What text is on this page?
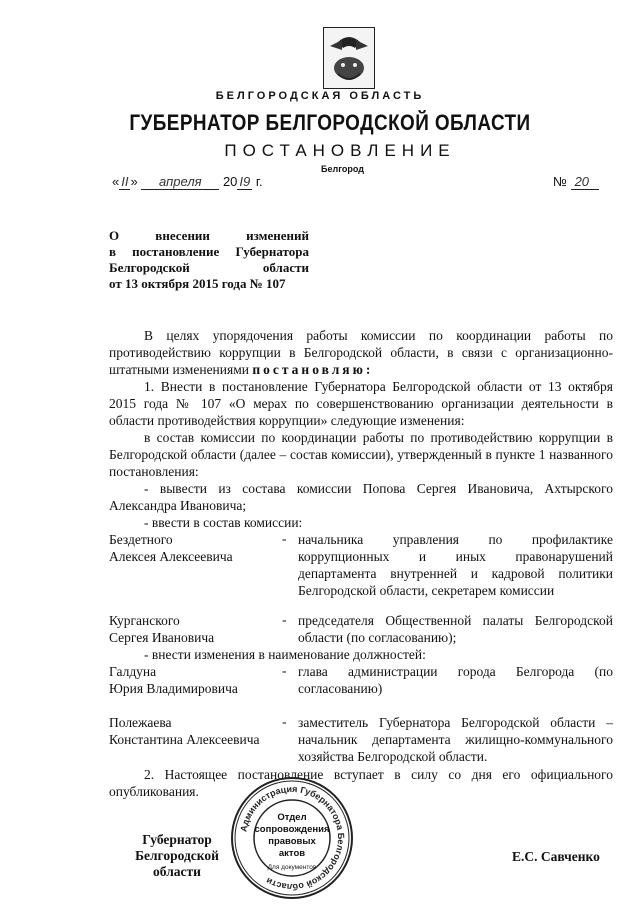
БЕЛГОРОДСКАЯ ОБЛАСТЬ
ГУБЕРНАТОР БЕЛГОРОДСКОЙ ОБЛАСТИ
ПОСТАНОВЛЕНИЕ
Белгород
« II » апреля 20 I9 г.	№ 20
О внесении изменений
в постановление Губернатора
Белгородской области
от 13 октября 2015 года № 107
В целях упорядочения работы комиссии по координации работы по противодействию коррупции в Белгородской области, в связи с организационно-штатными изменениями постановляю:
1. Внести в постановление Губернатора Белгородской области от 13 октября 2015 года № 107 «О мерах по совершенствованию организации деятельности в области противодействия коррупции» следующие изменения:
в состав комиссии по координации работы по противодействию коррупции в Белгородской области (далее – состав комиссии), утвержденный в пункте 1 названного постановления:
- вывести из состава комиссии Попова Сергея Ивановича, Ахтырского Александра Ивановича;
- ввести в состав комиссии:
Бездетного
Алексея Алексеевича
- начальника управления по профилактике коррупционных и иных правонарушений департамента внутренней и кадровой политики Белгородской области, секретарем комиссии
Курганского
Сергея Ивановича
- председателя Общественной палаты Белгородской области (по согласованию);
- внести изменения в наименование должностей:
Галдуна
Юрия Владимировича
- глава администрации города Белгорода (по согласованию)
Полежаева
Константина Алексеевича
- заместитель Губернатора Белгородской области – начальник департамента жилищно-коммунального хозяйства Белгородской области.
2. Настоящее постановление вступает в силу со дня его официального опубликования.
Администрация Губернатора Белгородской области
Отдел
сопровождения
правовых
актов
Для документов
Губернатор
Белгородской области
Е.С. Савченко
